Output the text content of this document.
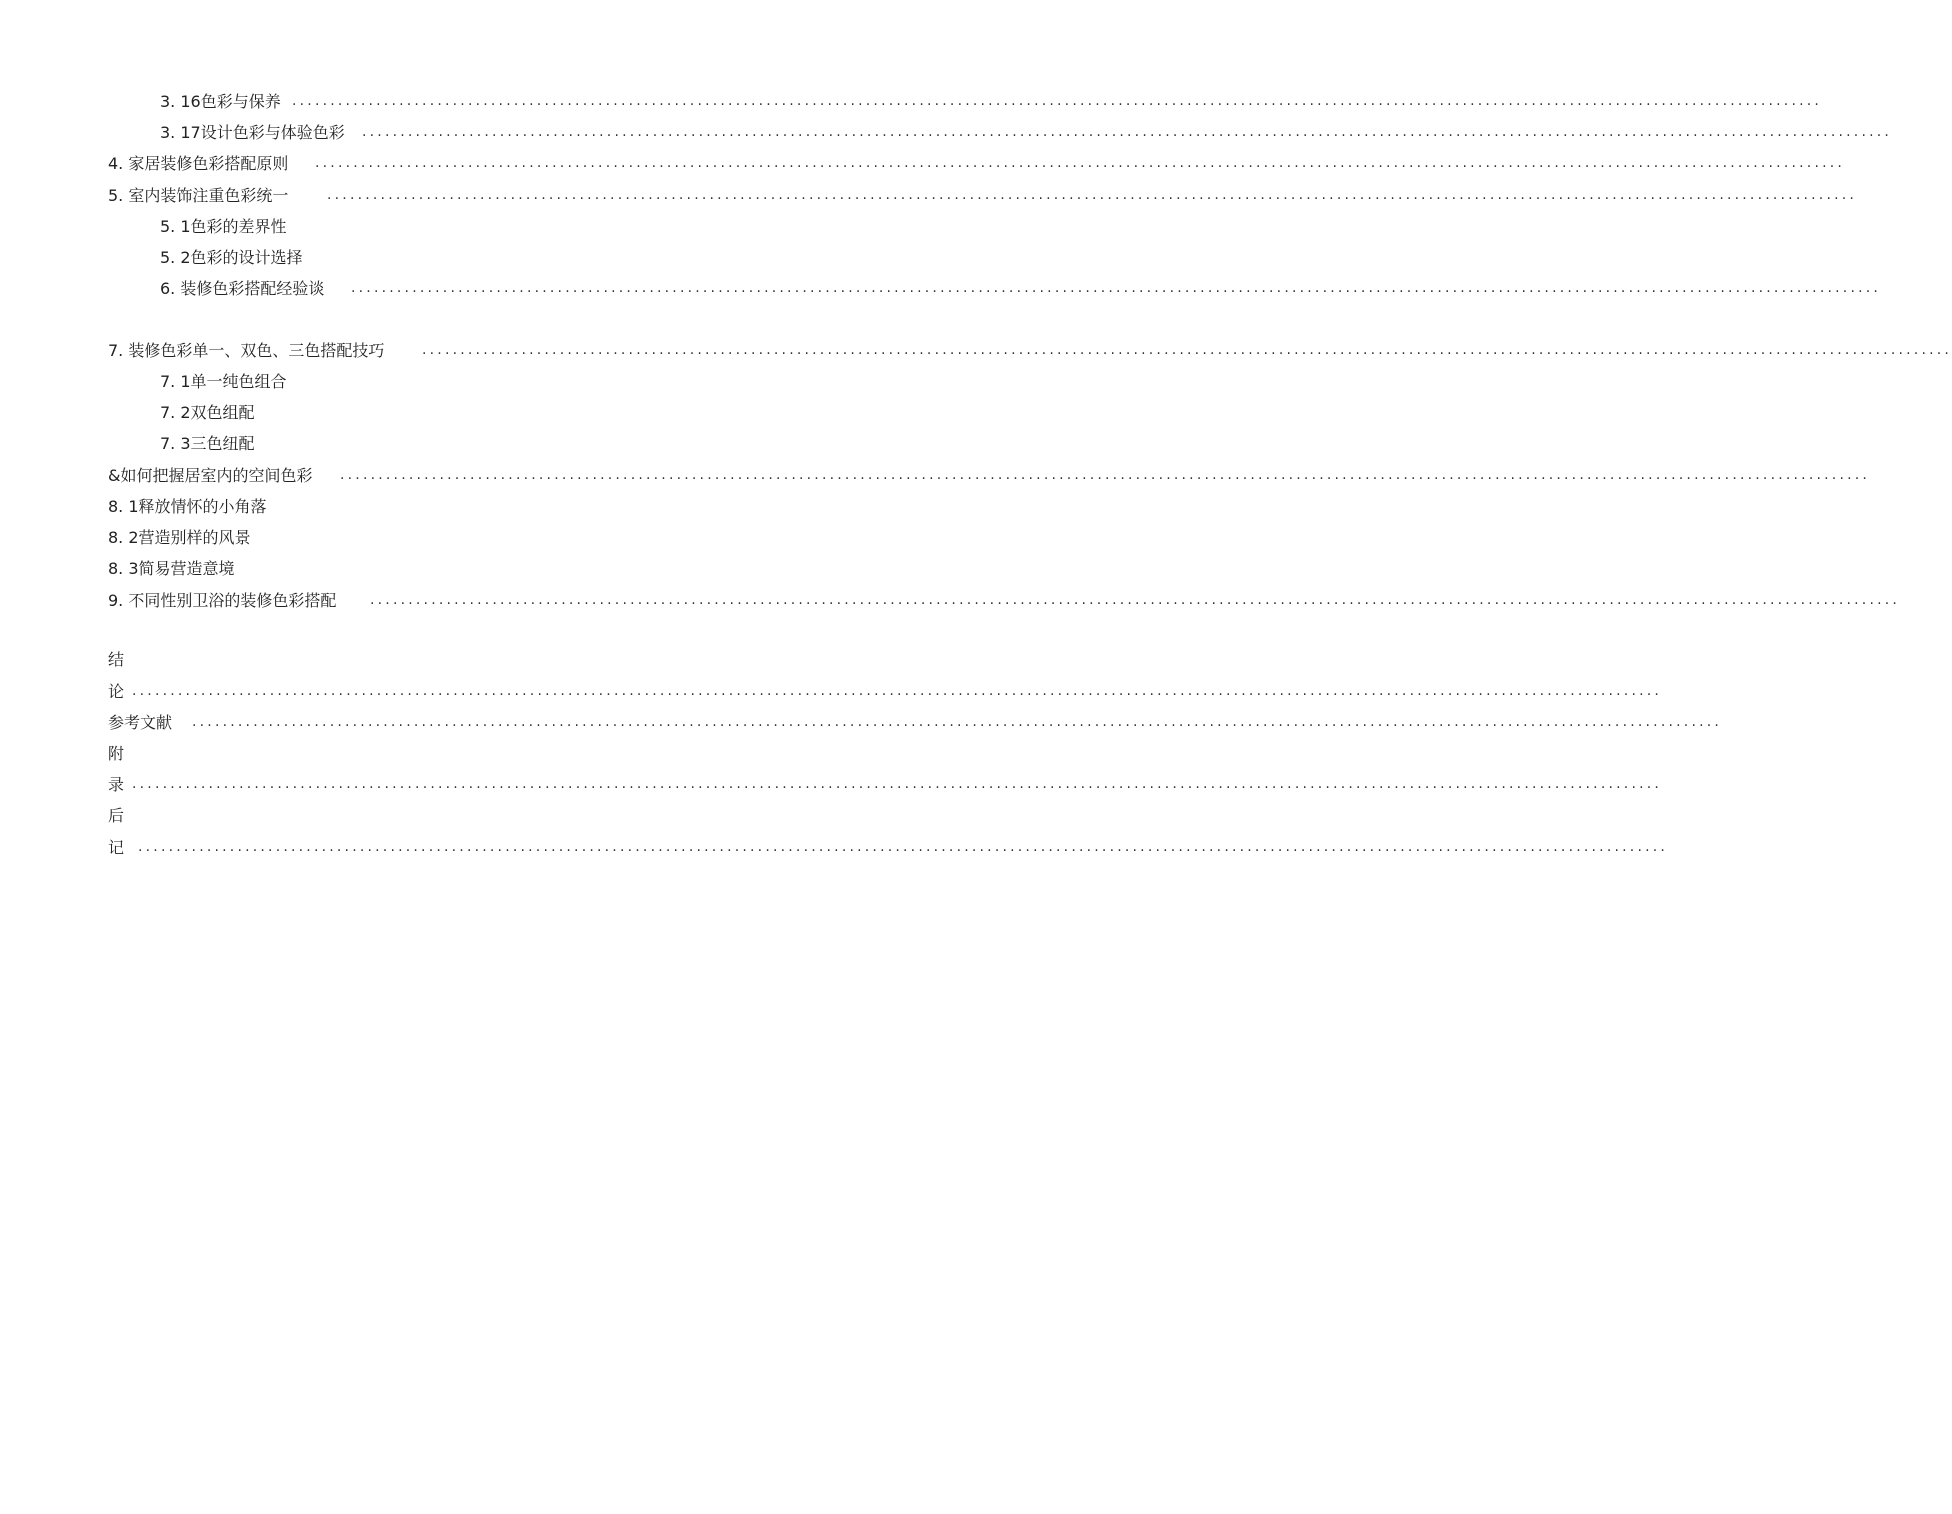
3. 16色彩与保养 ........................................................................................................................................................................................................
3. 17设计色彩与体验色彩 ........................................................................................................................................................................................................
4. 家居装修色彩搭配原则 ........................................................................................................................................................................................................
5. 室内装饰注重色彩统一	........................................................................................................................................................................................................
5. 1色彩的差界性
5. 2色彩的设计选择
6. 装修色彩搭配经验谈 ........................................................................................................................................................................................................
7. 装修色彩单一、双色、三色搭配技巧	........................................................................................................................................................................................................
7. 1单一纯色组合
7. 2双色组配
7. 3三色纽配
&如何把握居室内的空间色彩 ........................................................................................................................................................................................................
8. 1释放情怀的小角落
8. 2营造别样的风景
8. 3简易营造意境
9. 不同性别卫浴的装修色彩搭配 ........................................................................................................................................................................................................
结
论 ........................................................................................................................................................................................................
参考文献 ........................................................................................................................................................................................................
附
录 ........................................................................................................................................................................................................
后
记 ........................................................................................................................................................................................................
